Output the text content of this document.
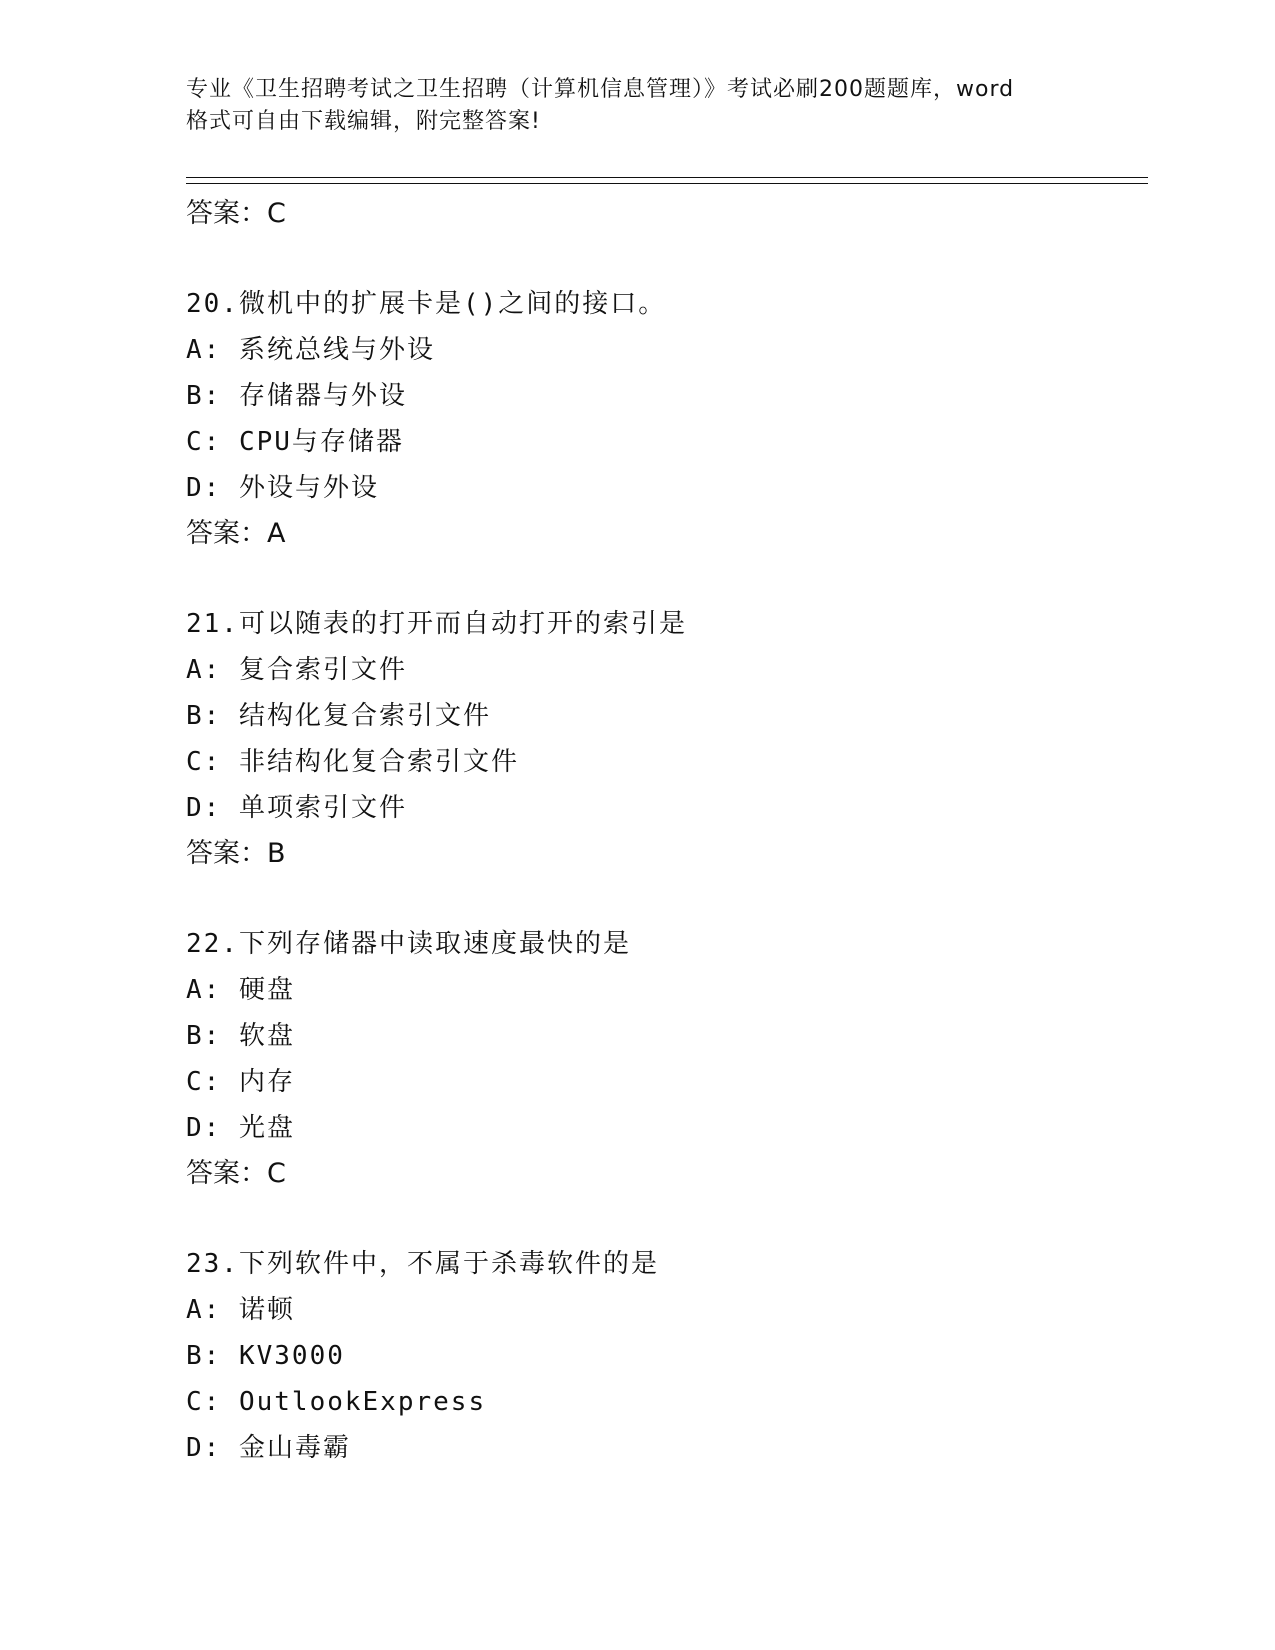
专业《卫生招聘考试之卫生招聘（计算机信息管理）》考试必刷200题题库，word
格式可自由下载编辑，附完整答案!
答案：C
20.微机中的扩展卡是()之间的接口。
A: 系统总线与外设
B: 存储器与外设
C: CPU与存储器
D: 外设与外设
答案：A
21.可以随表的打开而自动打开的索引是
A: 复合索引文件
B: 结构化复合索引文件
C: 非结构化复合索引文件
D: 单项索引文件
答案：B
22.下列存储器中读取速度最快的是
A: 硬盘
B: 软盘
C: 内存
D: 光盘
答案：C
23.下列软件中，不属于杀毒软件的是
A: 诺顿
B: KV3000
C: OutlookExpress
D: 金山毒霸
